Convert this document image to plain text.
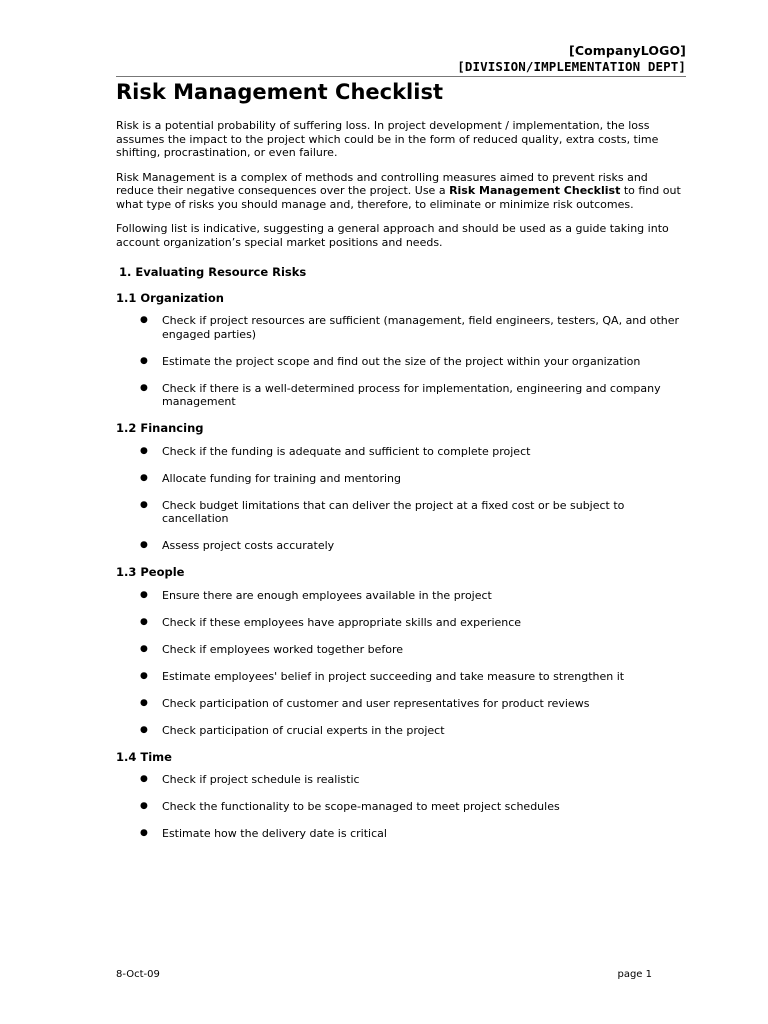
[CompanyLOGO]
[DIVISION/IMPLEMENTATION DEPT]
Risk Management Checklist

Risk is a potential probability of suffering loss. In project development / implementation, the loss assumes the impact to the project which could be in the form of reduced quality, extra costs, time shifting, procrastination, or even failure.

Risk Management is a complex of methods and controlling measures aimed to prevent risks and reduce their negative consequences over the project. Use a Risk Management Checklist to find out what type of risks you should manage and, therefore, to eliminate or minimize risk outcomes.

Following list is indicative, suggesting a general approach and should be used as a guide taking into account organization’s special market positions and needs.

1. Evaluating Resource Risks
1.1 Organization
● Check if project resources are sufficient (management, field engineers, testers, QA, and other engaged parties)
● Estimate the project scope and find out the size of the project within your organization
● Check if there is a well-determined process for implementation, engineering and company management
1.2 Financing
● Check if the funding is adequate and sufficient to complete project
● Allocate funding for training and mentoring
● Check budget limitations that can deliver the project at a fixed cost or be subject to cancellation
● Assess project costs accurately
1.3 People
● Ensure there are enough employees available in the project
● Check if these employees have appropriate skills and experience
● Check if employees worked together before
● Estimate employees' belief in project succeeding and take measure to strengthen it
● Check participation of customer and user representatives for product reviews
● Check participation of crucial experts in the project
1.4 Time
● Check if project schedule is realistic
● Check the functionality to be scope-managed to meet project schedules
● Estimate how the delivery date is critical
8-Oct-09	page 1
